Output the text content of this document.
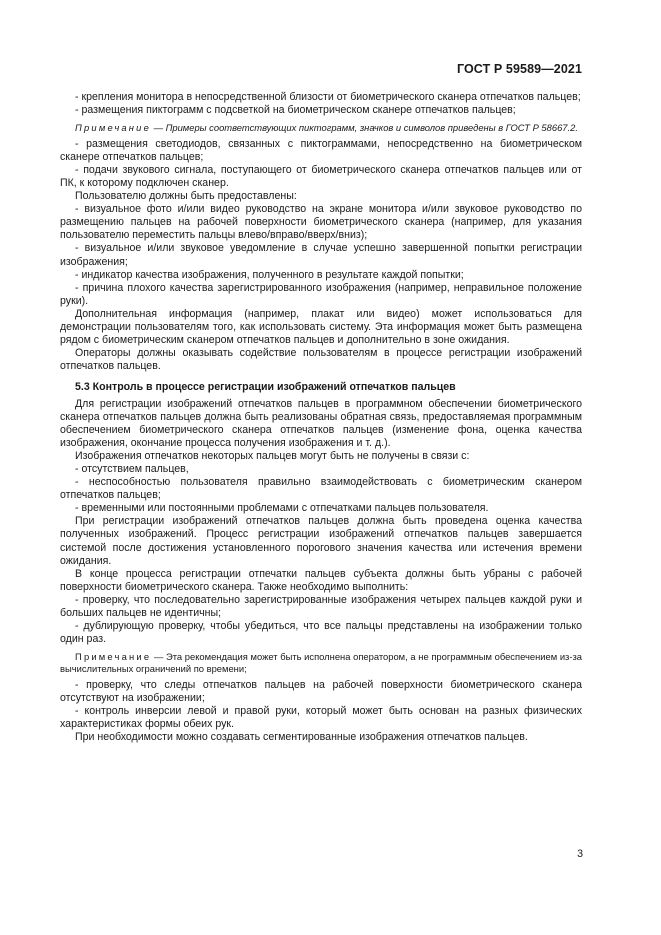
ГОСТ Р 59589—2021

- крепления монитора в непосредственной близости от биометрического сканера отпечатков пальцев;

- размещения пиктограмм с подсветкой на биометрическом сканере отпечатков пальцев;

Примечание — Примеры соответствующих пиктограмм, значков и символов приведены в ГОСТ Р 58667.2.

- размещения светодиодов, связанных с пиктограммами, непосредственно на биометрическом сканере отпечатков пальцев;

- подачи звукового сигнала, поступающего от биометрического сканера отпечатков пальцев или от ПК, к которому подключен сканер.

Пользователю должны быть предоставлены:

- визуальное фото и/или видео руководство на экране монитора и/или звуковое руководство по размещению пальцев на рабочей поверхности биометрического сканера (например, для указания пользователю переместить пальцы влево/вправо/вверх/вниз);

- визуальное и/или звуковое уведомление в случае успешно завершенной попытки регистрации изображения;

- индикатор качества изображения, полученного в результате каждой попытки;

- причина плохого качества зарегистрированного изображения (например, неправильное положение руки).

Дополнительная информация (например, плакат или видео) может использоваться для демонстрации пользователям того, как использовать систему. Эта информация может быть размещена рядом с биометрическим сканером отпечатков пальцев и дополнительно в зоне ожидания.

Операторы должны оказывать содействие пользователям в процессе регистрации изображений отпечатков пальцев.

5.3 Контроль в процессе регистрации изображений отпечатков пальцев

Для регистрации изображений отпечатков пальцев в программном обеспечении биометрического сканера отпечатков пальцев должна быть реализованы обратная связь, предоставляемая программным обеспечением биометрического сканера отпечатков пальцев (изменение фона, оценка качества изображения, окончание процесса получения изображения и т. д.).

Изображения отпечатков некоторых пальцев могут быть не получены в связи с:

- отсутствием пальцев,

- неспособностью пользователя правильно взаимодействовать с биометрическим сканером отпечатков пальцев;

- временными или постоянными проблемами с отпечатками пальцев пользователя.

При регистрации изображений отпечатков пальцев должна быть проведена оценка качества полученных изображений. Процесс регистрации изображений отпечатков пальцев завершается системой после достижения установленного порогового значения качества или истечения времени ожидания.

В конце процесса регистрации отпечатки пальцев субъекта должны быть убраны с рабочей поверхности биометрического сканера. Также необходимо выполнить:

- проверку, что последовательно зарегистрированные изображения четырех пальцев каждой руки и больших пальцев не идентичны;

- дублирующую проверку, чтобы убедиться, что все пальцы представлены на изображении только один раз.

Примечание — Эта рекомендация может быть исполнена оператором, а не программным обеспечением из-за вычислительных ограничений по времени;

- проверку, что следы отпечатков пальцев на рабочей поверхности биометрического сканера отсутствуют на изображении;

- контроль инверсии левой и правой руки, который может быть основан на разных физических характеристиках формы обеих рук.

При необходимости можно создавать сегментированные изображения отпечатков пальцев.

3
